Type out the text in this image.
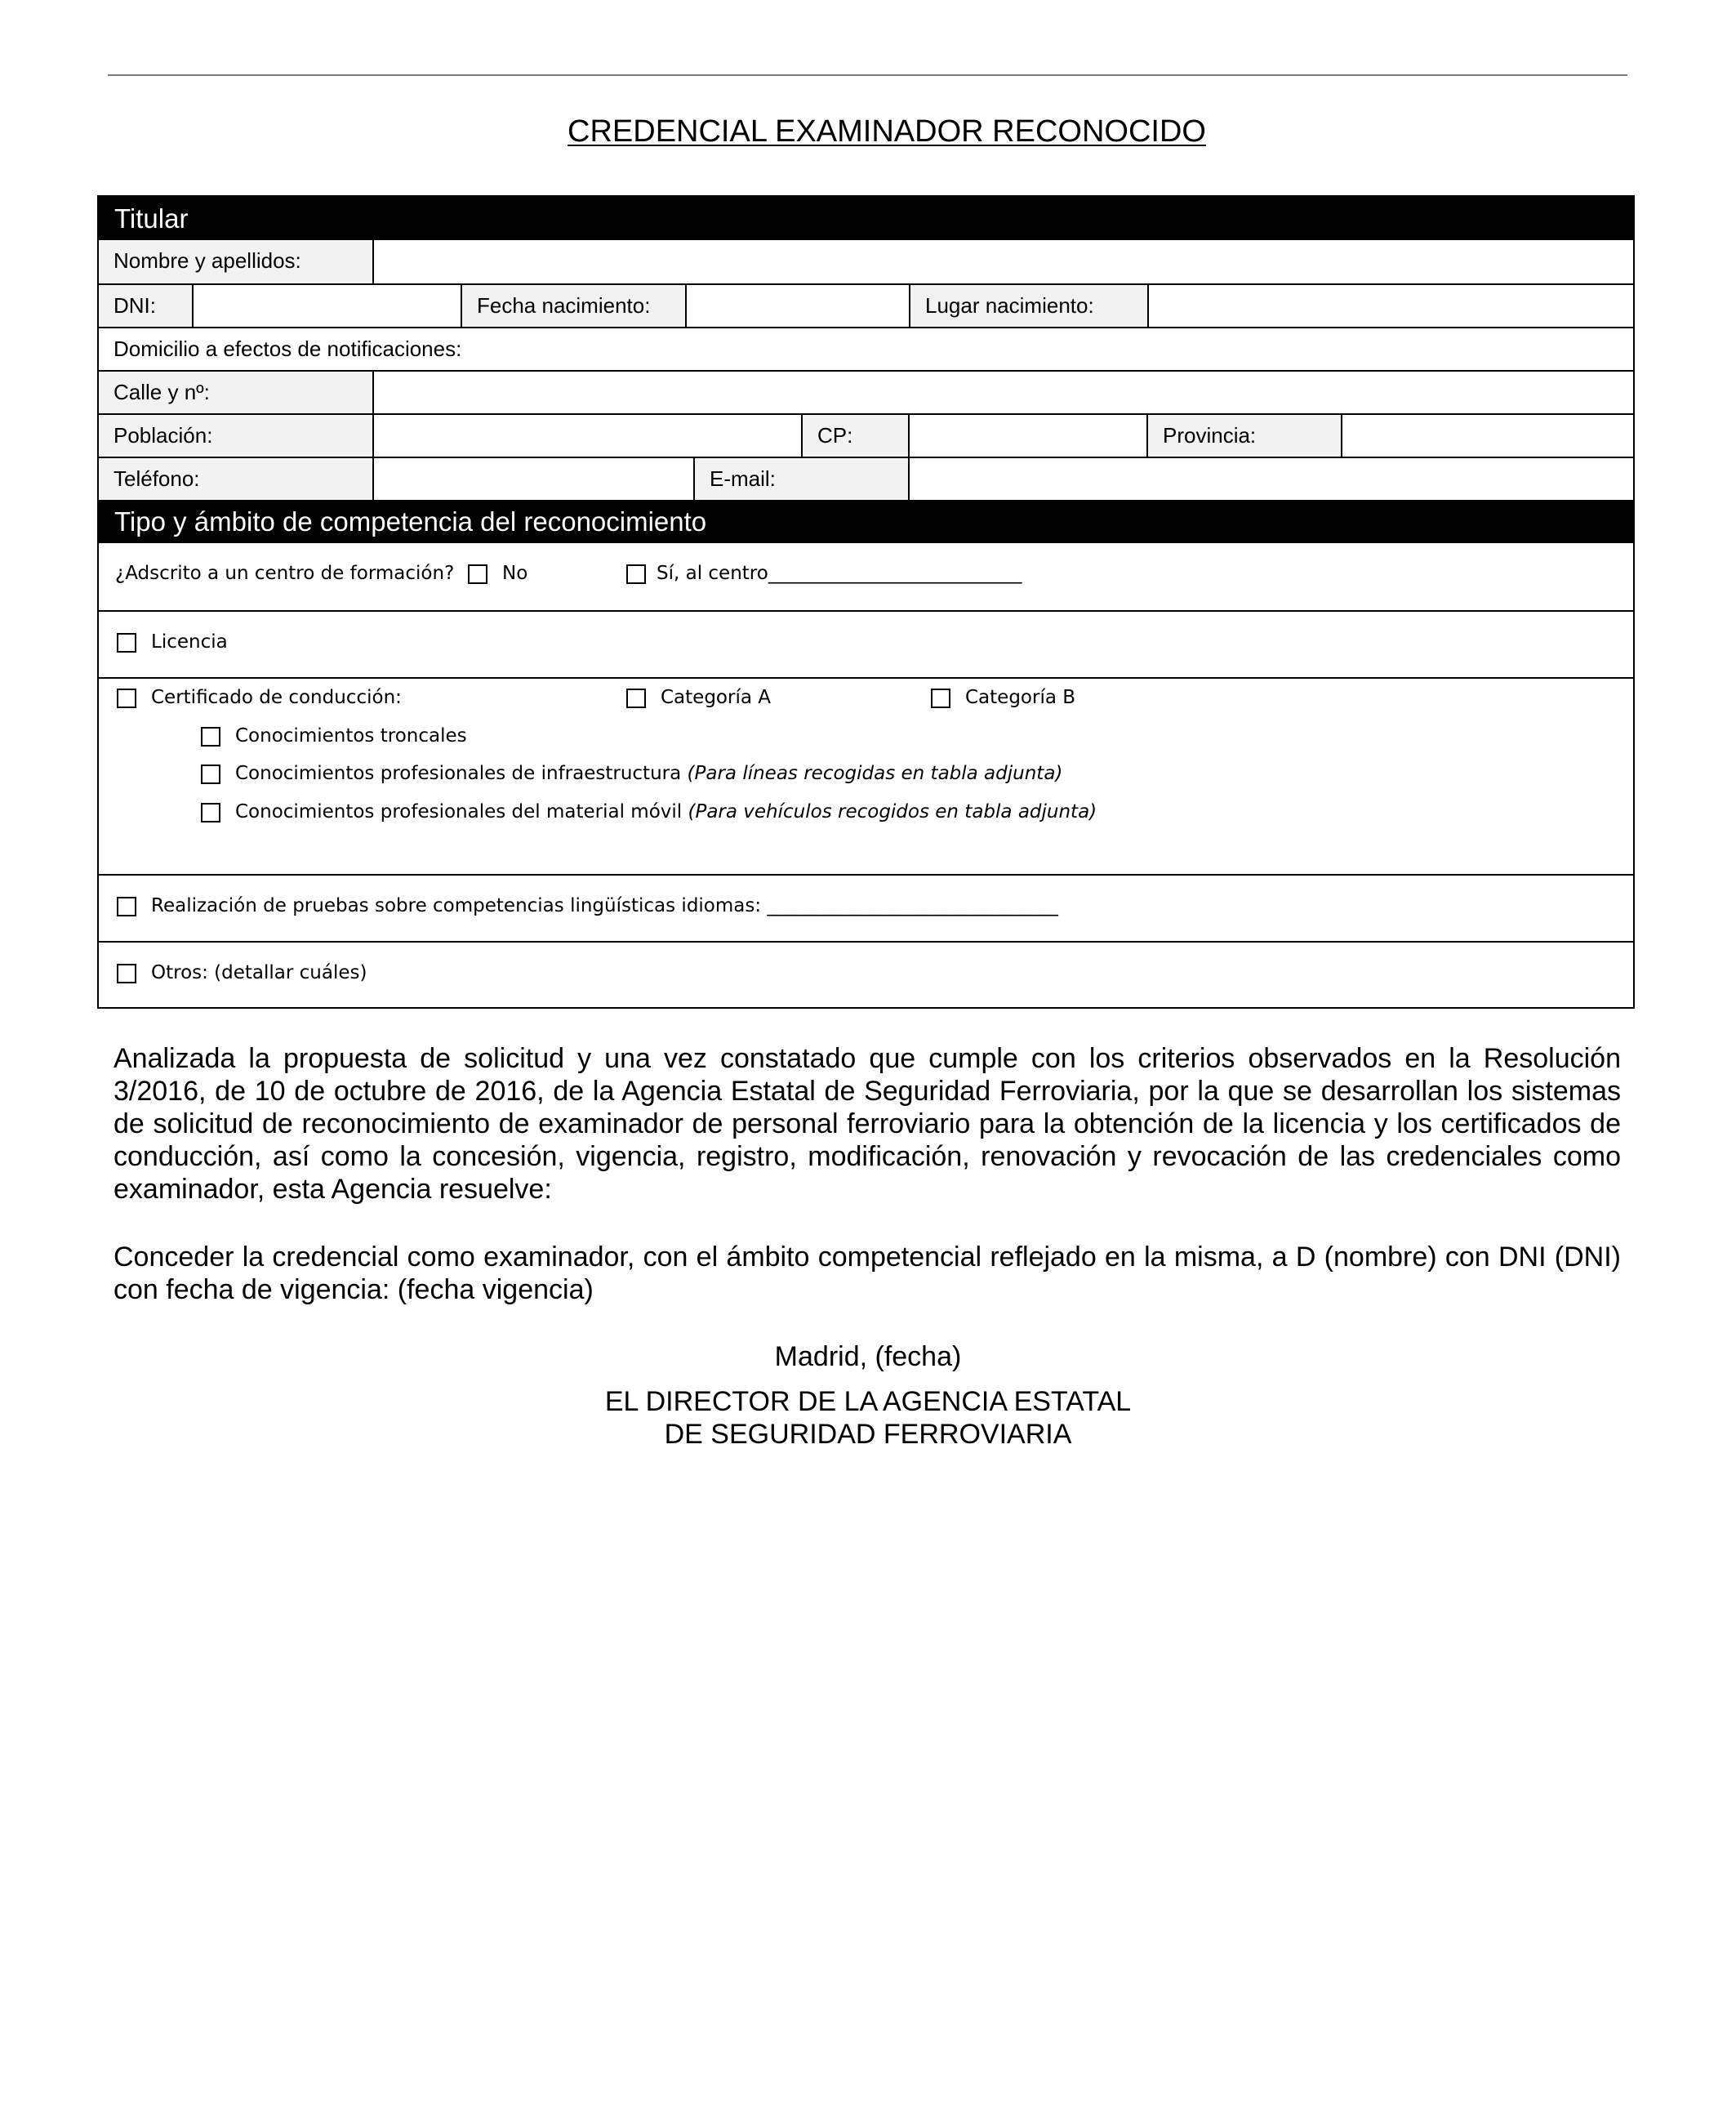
CREDENCIAL EXAMINADOR RECONOCIDO
Titular
Nombre y apellidos:
DNI:	Fecha nacimiento:	Lugar nacimiento:
Domicilio a efectos de notificaciones:
Calle y nº:
Población:	CP:	Provincia:
Teléfono:	E-mail:
Tipo y ámbito de competencia del reconocimiento
¿Adscrito a un centro de formación?	No	Sí, al centro___________________________
Licencia
Certificado de conducción:	Categoría A	Categoría B
Conocimientos troncales
Conocimientos profesionales de infraestructura (Para líneas recogidas en tabla adjunta)
Conocimientos profesionales del material móvil (Para vehículos recogidos en tabla adjunta)
Realización de pruebas sobre competencias lingüísticas idiomas: _______________________________
Otros: (detallar cuáles)

Analizada la propuesta de solicitud y una vez constatado que cumple con los criterios observados en la Resolución 3/2016, de 10 de octubre de 2016, de la Agencia Estatal de Seguridad Ferroviaria, por la que se desarrollan los sistemas de solicitud de reconocimiento de examinador de personal ferroviario para la obtención de la licencia y los certificados de conducción, así como la concesión, vigencia, registro, modificación, renovación y revocación de las credenciales como examinador, esta Agencia resuelve:

Conceder la credencial como examinador, con el ámbito competencial reflejado en la misma, a D (nombre) con DNI (DNI) con fecha de vigencia: (fecha vigencia)

Madrid, (fecha)
EL DIRECTOR DE LA AGENCIA ESTATAL
DE SEGURIDAD FERROVIARIA
